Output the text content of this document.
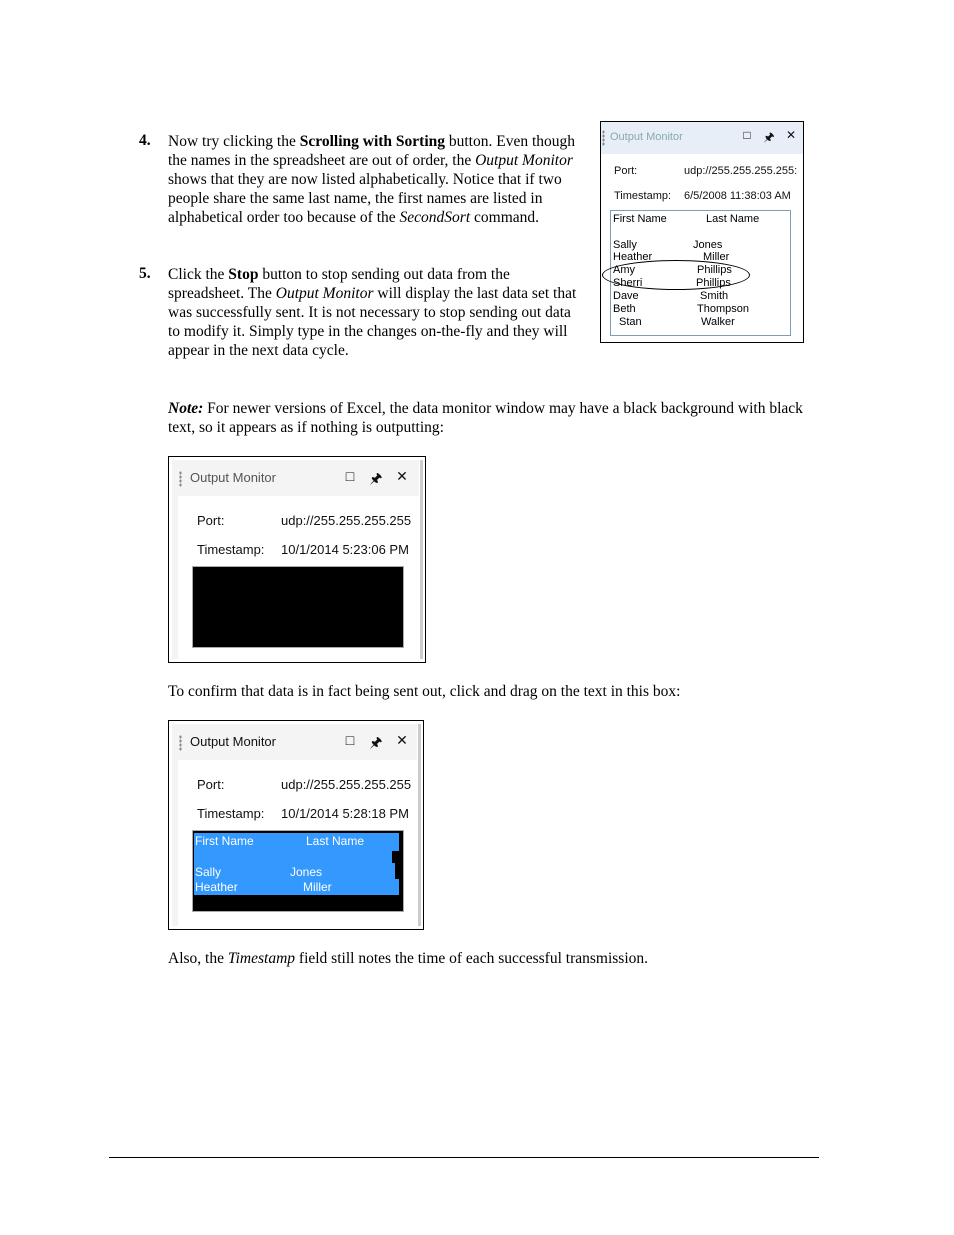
4. Now try clicking the Scrolling with Sorting button. Even though the names in the spreadsheet are out of order, the Output Monitor shows that they are now listed alphabetically. Notice that if two people share the same last name, the first names are listed in alphabetical order too because of the SecondSort command.
5. Click the Stop button to stop sending out data from the spreadsheet. The Output Monitor will display the last data set that was successfully sent. It is not necessary to stop sending out data to modify it. Simply type in the changes on-the-fly and they will appear in the next data cycle.
Output Monitor	□	🖈︎ ✕
Port:	udp://255.255.255.255:
Timestamp: 6/5/2008 11:38:03 AM
First Name	Last Name
Sally	Jones
Heather	Miller
Amy	Phillips
Sherri	Phillips
Dave	Smith
Beth	Thompson
Stan	Walker
Note: For newer versions of Excel, the data monitor window may have a black background with black text, so it appears as if nothing is outputting:
Output Monitor	□ 🖈︎ ✕
Port:	udp://255.255.255.255
Timestamp: 10/1/2014 5:23:06 PM
To confirm that data is in fact being sent out, click and drag on the text in this box:
Output Monitor	□ 🖈︎ ✕
Port:	udp://255.255.255.255
Timestamp: 10/1/2014 5:28:18 PM
First Name	Last Name
Sally	Jones
Heather	Miller
Also, the Timestamp field still notes the time of each successful transmission.
